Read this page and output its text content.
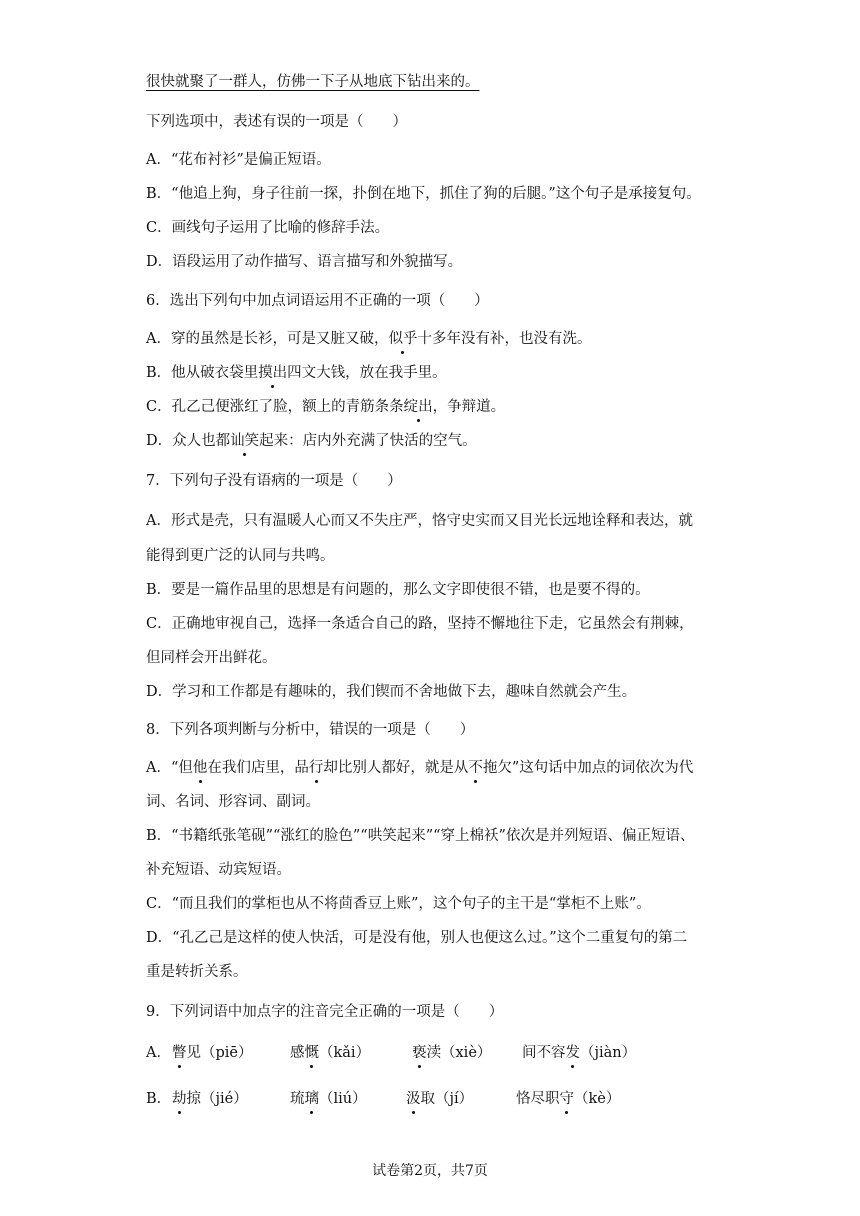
很快就聚了一群人，仿佛一下子从地底下钻出来的。
下列选项中，表述有误的一项是（　　）
A．“花布衬衫”是偏正短语。
B．“他追上狗，身子往前一探，扑倒在地下，抓住了狗的后腿。”这个句子是承接复句。
C．画线句子运用了比喻的修辞手法。
D．语段运用了动作描写、语言描写和外貌描写。
6．选出下列句中加点词语运用不正确的一项（　　）
A．穿的虽然是长衫，可是又脏又破，似乎十多年没有补，也没有洗。
B．他从破衣袋里摸出四文大钱，放在我手里。
C．孔乙己便涨红了脸，额上的青筋条条绽出，争辩道。
D．众人也都讪笑起来：店内外充满了快活的空气。
7．下列句子没有语病的一项是（　　）
A．形式是壳，只有温暖人心而又不失庄严，恪守史实而又目光长远地诠释和表达，就
能得到更广泛的认同与共鸣。
B．要是一篇作品里的思想是有问题的，那么文字即使很不错，也是要不得的。
C．正确地审视自己，选择一条适合自己的路，坚持不懈地往下走，它虽然会有荆棘，
但同样会开出鲜花。
D．学习和工作都是有趣味的，我们锲而不舍地做下去，趣味自然就会产生。
8．下列各项判断与分析中，错误的一项是（　　）
A．“但他在我们店里，品行却比别人都好，就是从不拖欠”这句话中加点的词依次为代
词、名词、形容词、副词。
B．“书籍纸张笔砚”“涨红的脸色”“哄笑起来”“穿上棉袄”依次是并列短语、偏正短语、
补充短语、动宾短语。
C．“而且我们的掌柜也从不将茴香豆上账”，这个句子的主干是“掌柜不上账”。
D．“孔乙己是这样的使人快活，可是没有他，别人也便这么过。”这个二重复句的第二
重是转折关系。
9．下列词语中加点字的注音完全正确的一项是（　　）
A． 瞥见（piē）	感慨（kǎi）	亵渎（xiè） 间不容发（jiàn）
B． 劫掠（jié）	琉璃（liú）	汲取（jí）	恪尽职守（kè）
试卷第2页，共7页
